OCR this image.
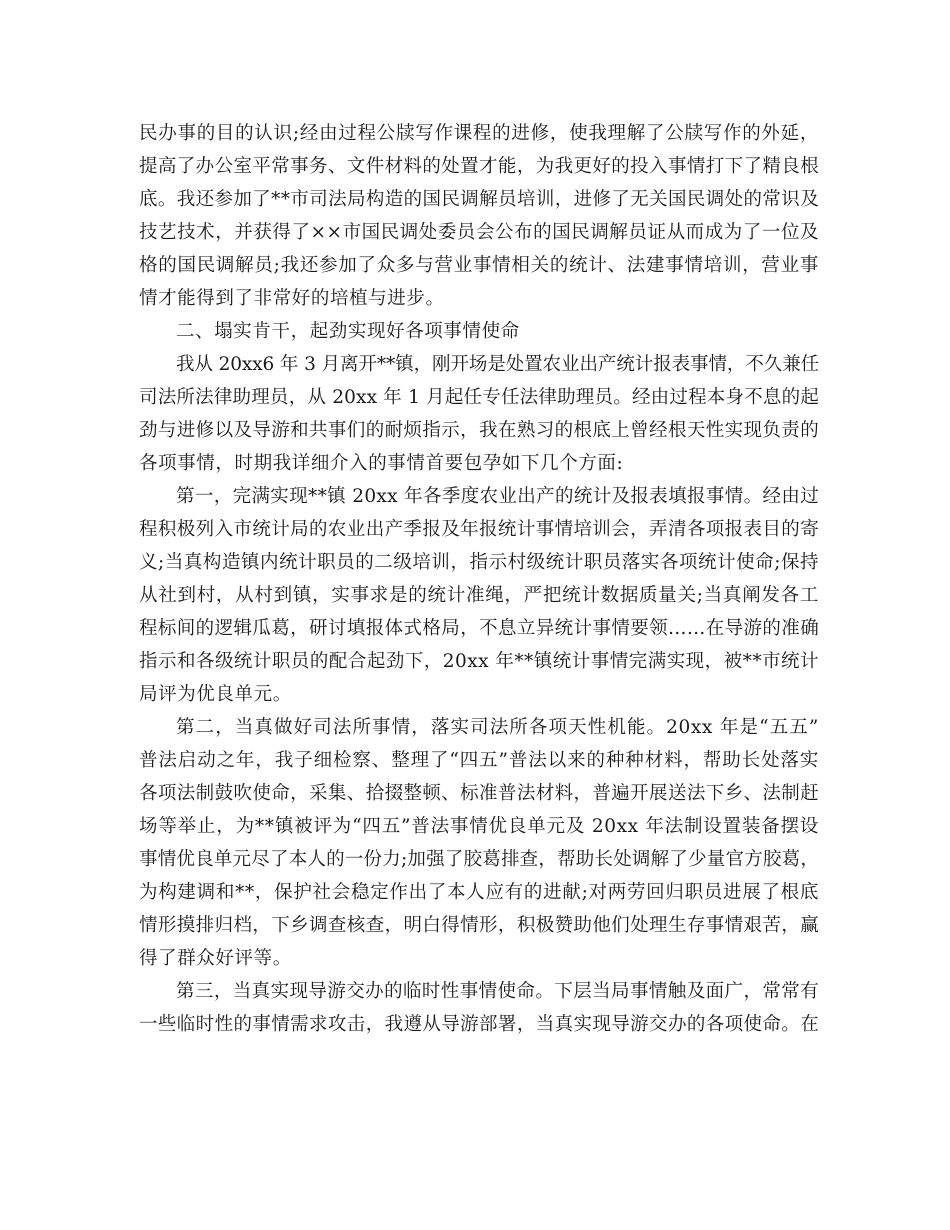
民办事的目的认识;经由过程公牍写作课程的进修，使我理解了公牍写作的外延，
提高了办公室平常事务、文件材料的处置才能，为我更好的投入事情打下了精良根
底。我还参加了**市司法局构造的国民调解员培训，进修了无关国民调处的常识及
技艺技术，并获得了××市国民调处委员会公布的国民调解员证从而成为了一位及
格的国民调解员;我还参加了众多与营业事情相关的统计、法建事情培训，营业事
情才能得到了非常好的培植与进步。
二、塌实肯干，起劲实现好各项事情使命
我从 20xx6 年 3 月离开**镇，刚开场是处置农业出产统计报表事情，不久兼任
司法所法律助理员，从 20xx 年 1 月起任专任法律助理员。经由过程本身不息的起
劲与进修以及导游和共事们的耐烦指示，我在熟习的根底上曾经根天性实现负责的
各项事情，时期我详细介入的事情首要包孕如下几个方面:
第一，完满实现**镇 20xx 年各季度农业出产的统计及报表填报事情。经由过
程积极列入市统计局的农业出产季报及年报统计事情培训会，弄清各项报表目的寄
义;当真构造镇内统计职员的二级培训，指示村级统计职员落实各项统计使命;保持
从社到村，从村到镇，实事求是的统计准绳，严把统计数据质量关;当真阐发各工
程标间的逻辑瓜葛，研讨填报体式格局，不息立异统计事情要领……在导游的准确
指示和各级统计职员的配合起劲下，20xx 年**镇统计事情完满实现，被**市统计
局评为优良单元。
第二，当真做好司法所事情，落实司法所各项天性机能。20xx 年是“五五”
普法启动之年，我子细检察、整理了“四五”普法以来的种种材料，帮助长处落实
各项法制鼓吹使命，采集、拾掇整顿、标准普法材料，普遍开展送法下乡、法制赶
场等举止，为**镇被评为“四五”普法事情优良单元及 20xx 年法制设置装备摆设
事情优良单元尽了本人的一份力;加强了胶葛排查，帮助长处调解了少量官方胶葛，
为构建调和**，保护社会稳定作出了本人应有的进献;对两劳回归职员进展了根底
情形摸排归档，下乡调查核查，明白得情形，积极赞助他们处理生存事情艰苦，赢
得了群众好评等。
第三，当真实现导游交办的临时性事情使命。下层当局事情触及面广，常常有
一些临时性的事情需求攻击，我遵从导游部署，当真实现导游交办的各项使命。在
